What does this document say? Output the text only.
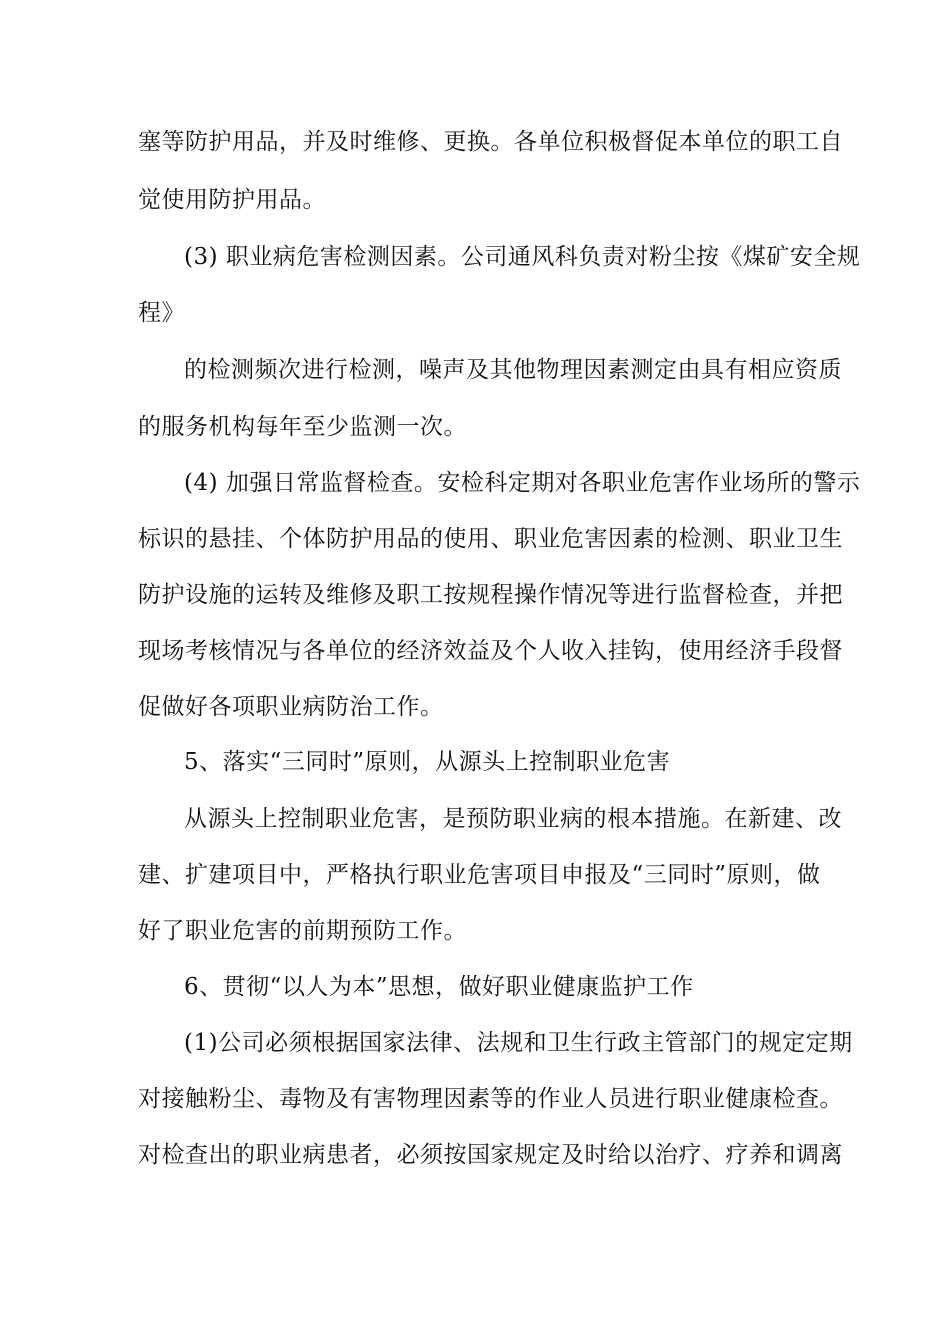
塞等防护用品，并及时维修、更换。各单位积极督促本单位的职工自
觉使用防护用品。
(3) 职业病危害检测因素。公司通风科负责对粉尘按《煤矿安全规
程》
的检测频次进行检测，噪声及其他物理因素测定由具有相应资质
的服务机构每年至少监测一次。
(4) 加强日常监督检查。安检科定期对各职业危害作业场所的警示
标识的悬挂、个体防护用品的使用、职业危害因素的检测、职业卫生
防护设施的运转及维修及职工按规程操作情况等进行监督检查，并把
现场考核情况与各单位的经济效益及个人收入挂钩，使用经济手段督
促做好各项职业病防治工作。
5、落实“三同时”原则，从源头上控制职业危害
从源头上控制职业危害，是预防职业病的根本措施。在新建、改
建、扩建项目中，严格执行职业危害项目申报及“三同时”原则，做
好了职业危害的前期预防工作。
6、贯彻“以人为本”思想，做好职业健康监护工作
(1)公司必须根据国家法律、法规和卫生行政主管部门的规定定期
对接触粉尘、毒物及有害物理因素等的作业人员进行职业健康检查。
对检查出的职业病患者，必须按国家规定及时给以治疗、疗养和调离
